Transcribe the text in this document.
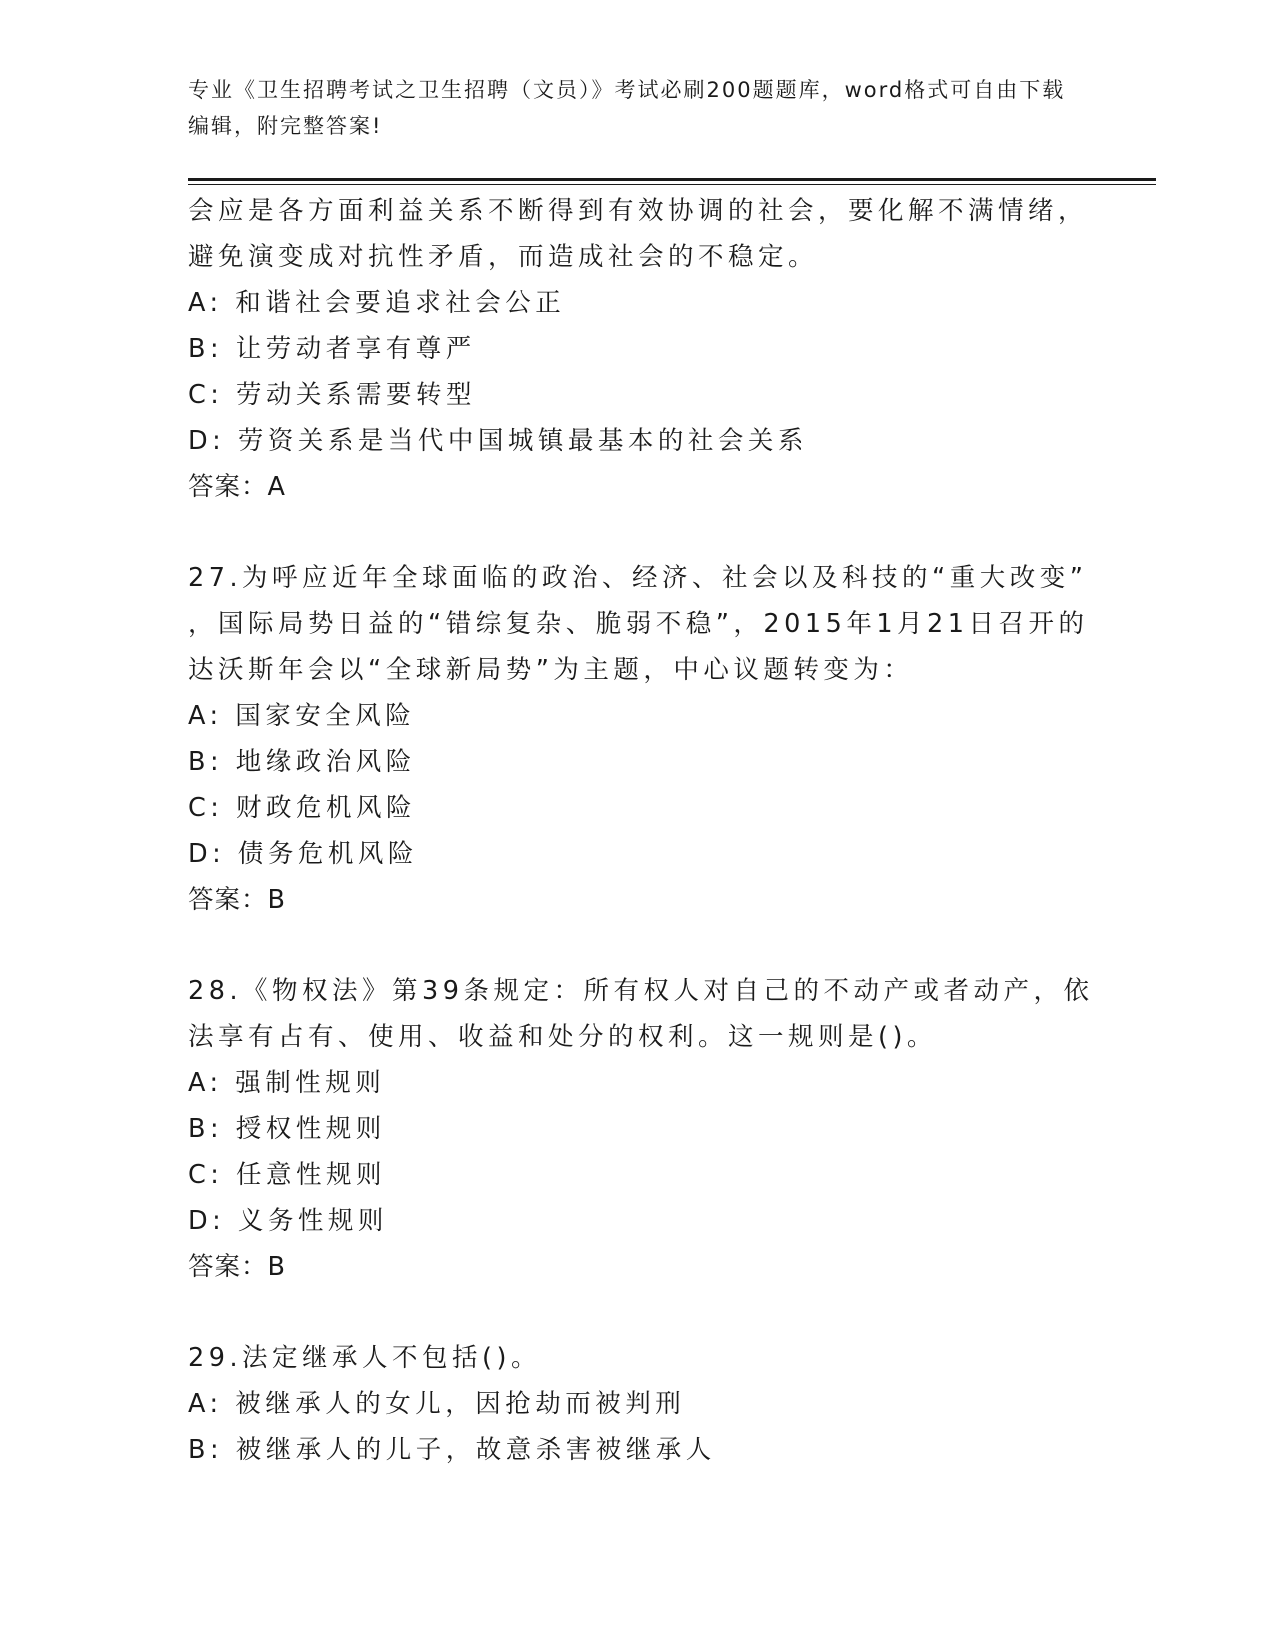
专业《卫生招聘考试之卫生招聘（文员）》考试必刷200题题库，word格式可自由下载编辑，附完整答案!
会应是各方面利益关系不断得到有效协调的社会，要化解不满情绪，
避免演变成对抗性矛盾，而造成社会的不稳定。
A: 和谐社会要追求社会公正
B: 让劳动者享有尊严
C: 劳动关系需要转型
D: 劳资关系是当代中国城镇最基本的社会关系
答案：A
27.为呼应近年全球面临的政治、经济、社会以及科技的“重大改变”
，国际局势日益的“错综复杂、脆弱不稳”，2015年1月21日召开的
达沃斯年会以“全球新局势”为主题，中心议题转变为：
A: 国家安全风险
B: 地缘政治风险
C: 财政危机风险
D: 债务危机风险
答案：B
28.《物权法》第39条规定：所有权人对自己的不动产或者动产，依
法享有占有、使用、收益和处分的权利。这一规则是()。
A: 强制性规则
B: 授权性规则
C: 任意性规则
D: 义务性规则
答案：B
29.法定继承人不包括()。
A: 被继承人的女儿，因抢劫而被判刑
B: 被继承人的儿子，故意杀害被继承人
